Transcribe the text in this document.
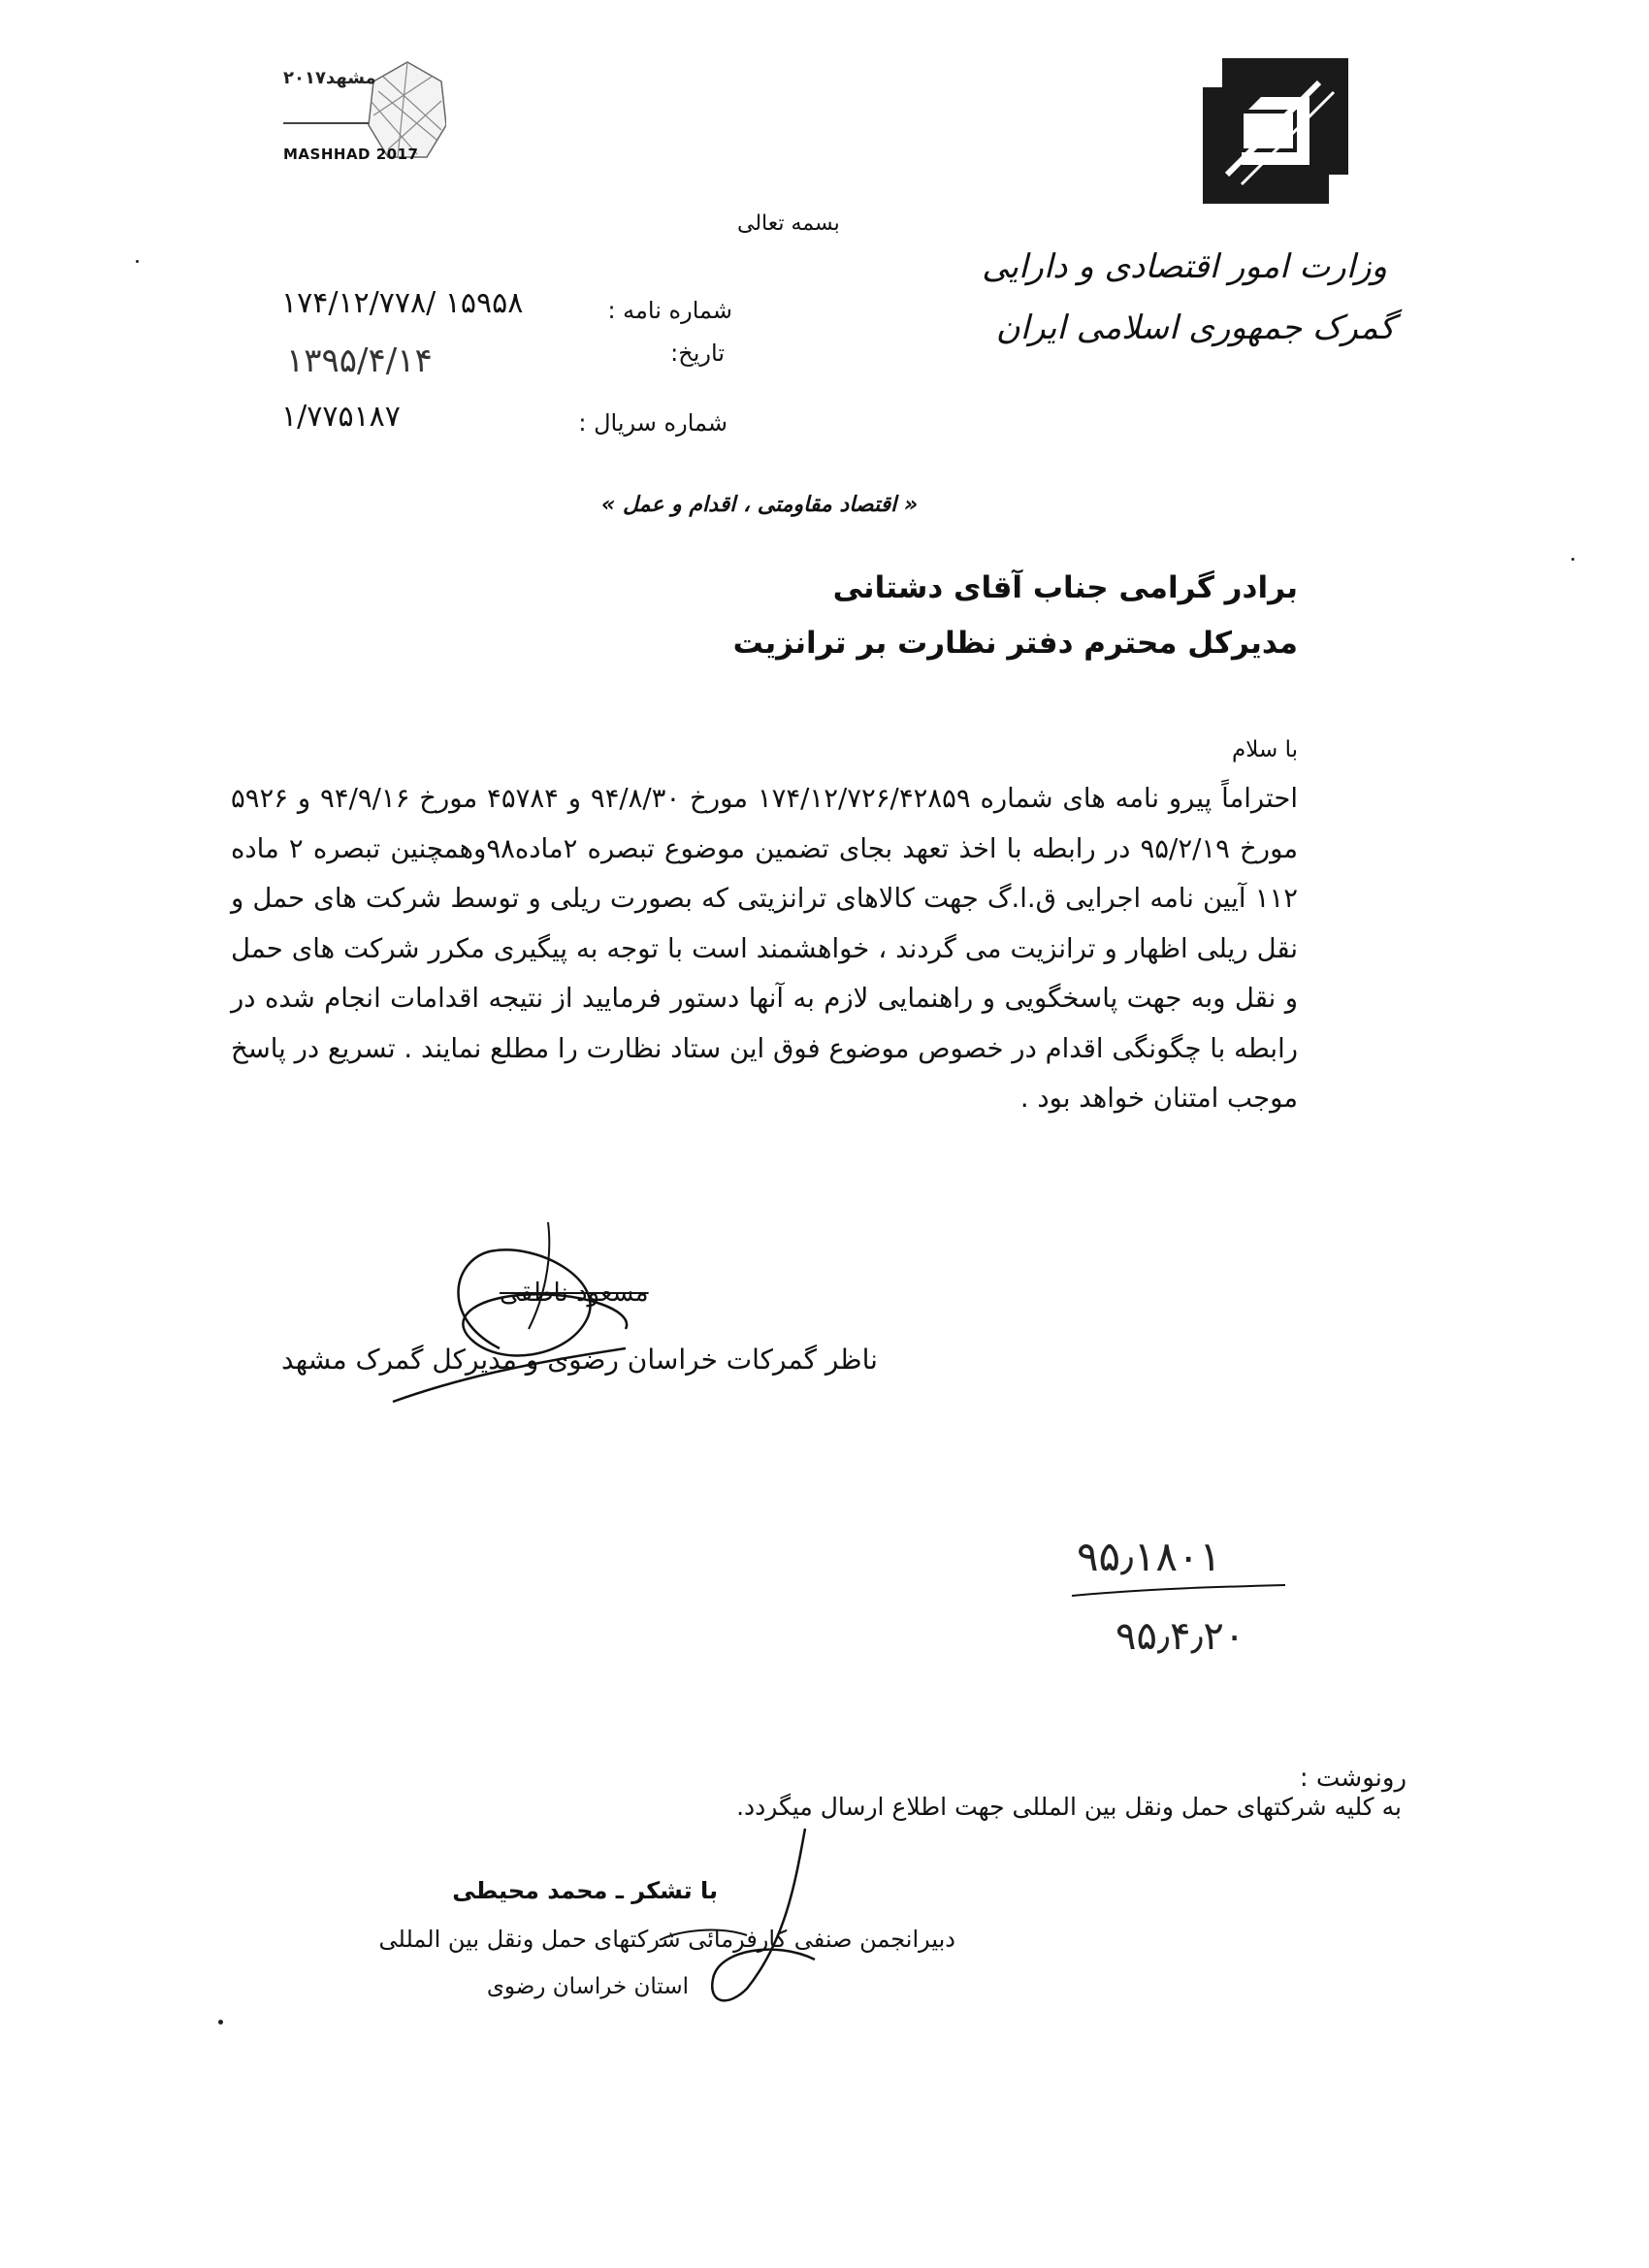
مشهد۲۰۱۷
MASHHAD 2017
وزارت امور اقتصادی و دارایی
گمرک جمهوری اسلامی ایران
بسمه تعالی
شماره نامه :
۱۷۴/۱۲/۷۷۸/ ۱۵۹۵۸
تاریخ:
۱۳۹۵/۴/۱۴
شماره سریال :
۱/۷۷۵۱۸۷
« اقتصاد مقاومتی ، اقدام و عمل »
برادر گرامی جناب آقای دشتانی
مدیرکل محترم دفتر نظارت بر ترانزیت
با سلام
احتراماً پیرو نامه های شماره ۱۷۴/۱۲/۷۲۶/۴۲۸۵۹ مورخ ۹۴/۸/۳۰ و ۴۵۷۸۴ مورخ ۹۴/۹/۱۶ و ۵۹۲۶ مورخ ۹۵/۲/۱۹ در رابطه با اخذ تعهد بجای تضمین موضوع تبصره ۲ماده۹۸وهمچنین تبصره ۲ ماده ۱۱۲ آیین نامه اجرایی ق.ا.گ جهت کالاهای ترانزیتی که بصورت ریلی و توسط شرکت های حمل و نقل ریلی اظهار و ترانزیت می گردند ، خواهشمند است با توجه به پیگیری مکرر شرکت های حمل و نقل وبه جهت پاسخگویی و راهنمایی لازم به آنها دستور فرمایید از نتیجه اقدامات انجام شده در رابطه با چگونگی اقدام در خصوص موضوع فوق این ستاد نظارت را مطلع نمایند . تسریع در پاسخ موجب امتنان خواهد بود .
مسعود ناطقی
ناظر گمرکات خراسان رضوی و مدیرکل گمرک مشهد
۹۵٫۱۸۰۱
۹۵٫۴٫۲۰
رونوشت :
به کلیه شرکتهای حمل ونقل بین المللی جهت اطلاع ارسال میگردد.
با تشکر ـ محمد محیطی
دبیرانجمن صنفی کارفرمائی شرکتهای حمل ونقل بین المللی
استان خراسان رضوی
